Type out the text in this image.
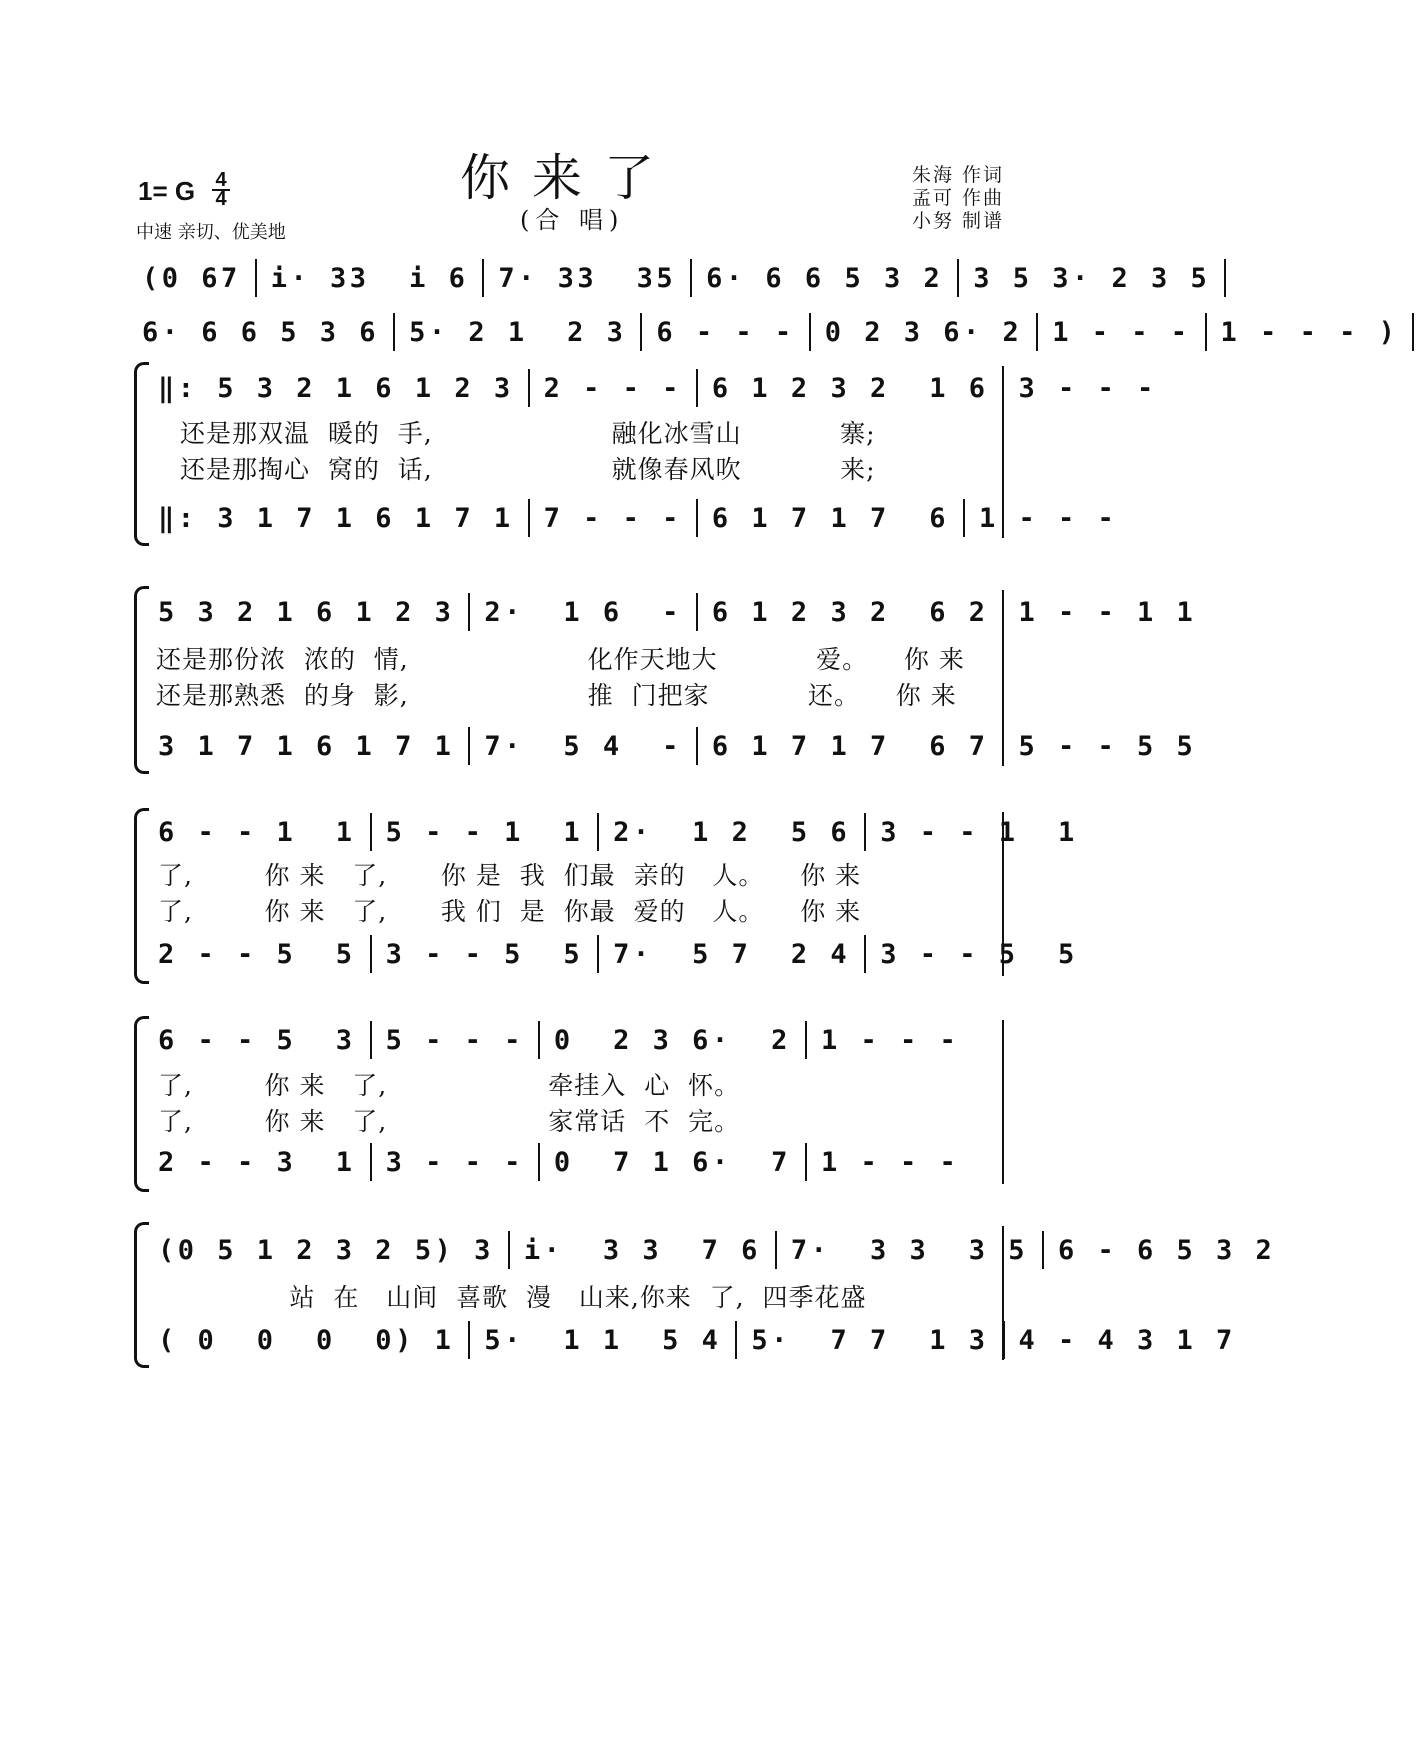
你来了
(合 唱)
1= G 4
4
中速 亲切、优美地
朱海 作词
孟可 作曲
小努 制谱
(0 67 i· 33  i 6 7· 33  35 6· 6 6 5 3 2 3 5 3· 2 3 5
6· 6 6 5 3 6 5· 2 1  2 3 6 - - - 0 2 3 6· 2 1 - - - 1 - - - )
‖: 5 3 2 1 6 1 2 3 2 - - - 6 1 2 3 2  1 6 3 - - -
还是那双温  暖的  手,                    融化冰雪山           寨;
还是那掏心  窝的  话,                    就像春风吹           来;
‖: 3 1 7 1 6 1 7 1 7 - - - 6 1 7 1 7  6 1 - - -
5 3 2 1 6 1 2 3 2·  1 6  - 6 1 2 3 2  6 2 1 - - 1 1
还是那份浓  浓的  情,                    化作天地大           爱。    你 来
还是那熟悉  的身  影,                    推  门把家           还。    你 来
3 1 7 1 6 1 7 1 7·  5 4  - 6 1 7 1 7  6 7 5 - - 5 5
6 - - 1  1 5 - - 1  1 2·  1 2  5 6 3 - - 1  1
了,        你 来   了,      你 是  我  们最  亲的   人。    你 来
了,        你 来   了,      我 们  是  你最  爱的   人。    你 来
2 - - 5  5 3 - - 5  5 7·  5 7  2 4 3 - - 5  5
6 - - 5  3 5 - - - 0  2 3 6·  2 1 - - -
了,        你 来   了,                  牵挂入  心  怀。
了,        你 来   了,                  家常话  不  完。
2 - - 3  1 3 - - - 0  7 1 6·  7 1 - - -
(0 5 1 2 3 2 5) 3 i·  3 3  7 6 7·  3 3  3 5 6 - 6 5 3 2
站  在   山间  喜歌  漫   山来,你来  了,  四季花盛
( 0  0  0  0) 1 5·  1 1  5 4 5·  7 7  1 3 4 - 4 3 1 7
